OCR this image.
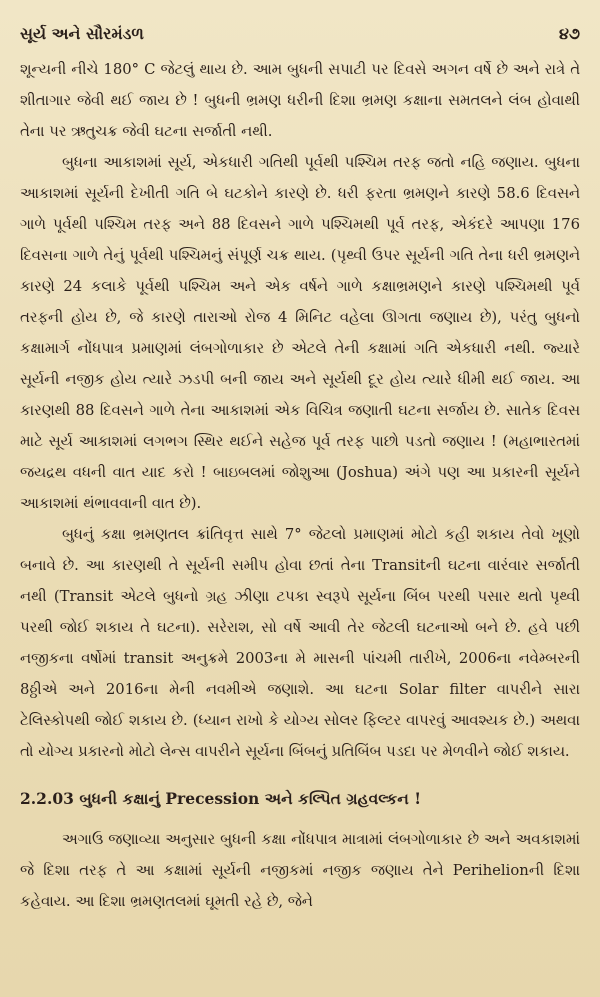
સૂર્ય અને સૌરમંડળ	૪૭

શૂન્યની નીચે 180° C જેટલું થાય છે. આમ બુધની સપાટી પર દિવસે અગન વર્ષે છે અને રાત્રે તે શીતાગાર જેવી થઈ જાય છે ! બુધની ભ્રમણ ધરીની દિશા ભ્રમણ કક્ષાના સમતલને લંબ હોવાથી તેના પર ઋતુચક્ર જેવી ઘટના સર્જાતી નથી.

બુધના આકાશમાં સૂર્ય, એકધારી ગતિથી પૂર્વથી પશ્ચિમ તરફ જતો નહિ જણાય. બુધના આકાશમાં સૂર્યની દેખીતી ગતિ બે ઘટકોને કારણે છે. ધરી ફરતા ભ્રમણને કારણે 58.6 દિવસને ગાળે પૂર્વથી પશ્ચિમ તરફ અને 88 દિવસને ગાળે પશ્ચિમથી પૂર્વ તરફ, એકંદરે આપણા 176 દિવસના ગાળે તેનું પૂર્વથી પશ્ચિમનું સંપૂર્ણ ચક્ર થાય. (પૃથ્વી ઉપર સૂર્યની ગતિ તેના ધરી ભ્રમણને કારણે 24 કલાકે પૂર્વથી પશ્ચિમ અને એક વર્ષને ગાળે કક્ષાભ્રમણને કારણે પશ્ચિમથી પૂર્વ તરફની હોય છે, જે કારણે તારાઓ રોજ 4 મિનિટ વહેલા ઊગતા જણાય છે), પરંતુ બુધનો કક્ષામાર્ગ નોંધપાત્ર પ્રમાણમાં લંબગોળાકાર છે એટલે તેની કક્ષામાં ગતિ એકધારી નથી. જ્યારે સૂર્યની નજીક હોય ત્યારે ઝડપી બની જાય અને સૂર્યથી દૂર હોય ત્યારે ધીમી થઈ જાય. આ કારણથી 88 દિવસને ગાળે તેના આકાશમાં એક વિચિત્ર જણાતી ઘટના સર્જાય છે. સાતેક દિવસ માટે સૂર્ય આકાશમાં લગભગ સ્થિર થઈને સહેજ પૂર્વ તરફ પાછો પડતો જણાય ! (મહાભારતમાં જયદ્રથ વધની વાત યાદ કરો ! બાઇબલમાં જોશુઆ (Joshua) અંગે પણ આ પ્રકારની સૂર્યને આકાશમાં થંભાવવાની વાત છે).

બુધનું કક્ષા ભ્રમણતલ ક્રાંતિવૃત્ત સાથે 7° જેટલો પ્રમાણમાં મોટો કહી શકાય તેવો ખૂણો બનાવે છે. આ કારણથી તે સૂર્યની સમીપ હોવા છતાં તેના Transitની ઘટના વારંવાર સર્જાતી નથી (Transit એટલે બુધનો ગ્રહ ઝીણા ટપકા સ્વરૂપે સૂર્યના બિંબ પરથી પસાર થતો પૃથ્વી પરથી જોઈ શકાય તે ઘટના). સરેરાશ, સો વર્ષે આવી તેર જેટલી ઘટનાઓ બને છે. હવે પછી નજીકના વર્ષોમાં transit અનુક્રમે 2003ના મે માસની પાંચમી તારીખે, 2006ના નવેમ્બરની 8ઠ્ઠીએ અને 2016ના મેની નવમીએ જણાશે. આ ઘટના Solar filter વાપરીને સારા ટેલિસ્કોપથી જોઈ શકાય છે. (ધ્યાન રાખો કે યોગ્ય સોલર ફિલ્ટર વાપરવું આવશ્યક છે.) અથવા તો યોગ્ય પ્રકારનો મોટો લેન્સ વાપરીને સૂર્યના બિંબનું પ્રતિબિંબ પડદા પર મેળવીને જોઈ શકાય.

2.2.03 બુધની કક્ષાનું Precession અને કલ્પિત ગ્રહવલ્કન !

અગાઉ જણાવ્યા અનુસાર બુધની કક્ષા નોંધપાત્ર માત્રામાં લંબગોળાકાર છે અને અવકાશમાં જે દિશા તરફ તે આ કક્ષામાં સૂર્યની નજીકમાં નજીક જણાય તેને Perihelionની દિશા કહેવાય. આ દિશા ભ્રમણતલમાં ઘૂમતી રહે છે, જેને
